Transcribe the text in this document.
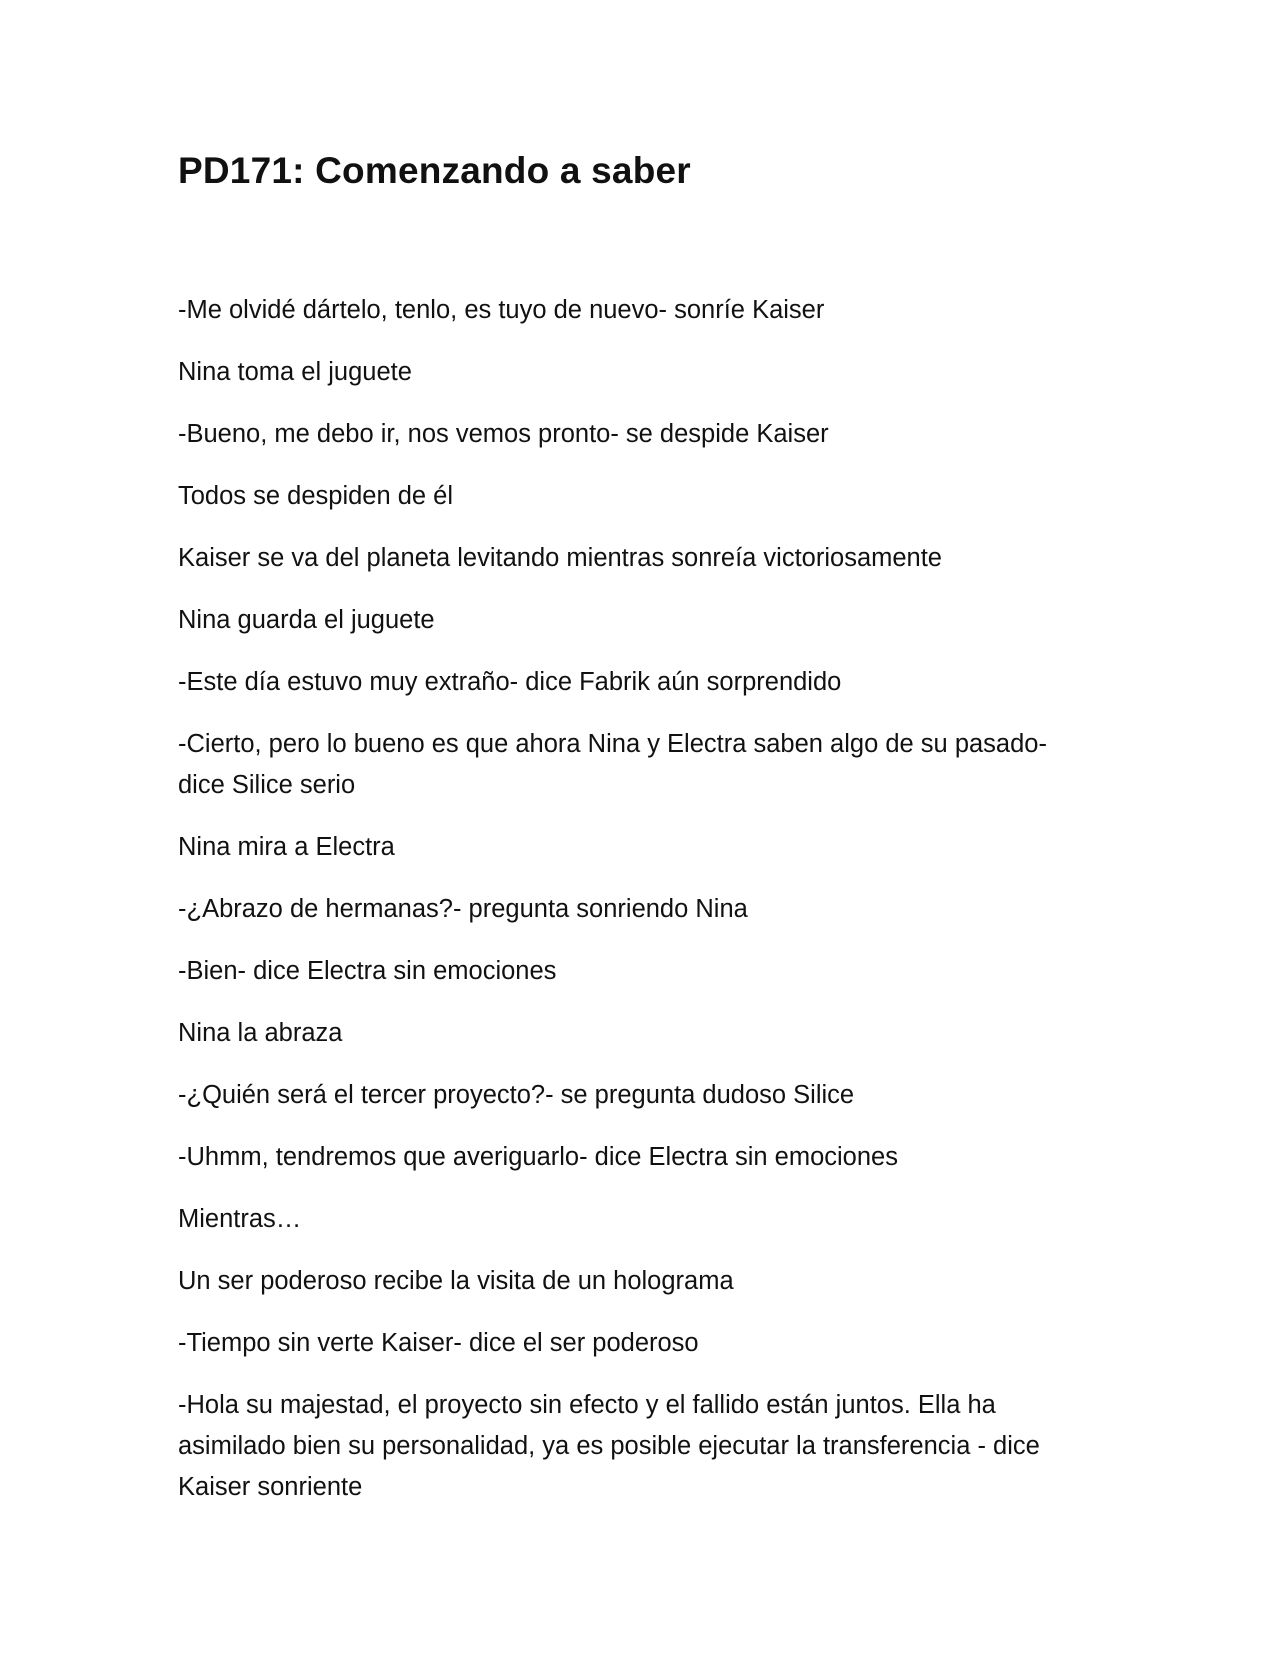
PD171: Comenzando a saber

-Me olvidé dártelo, tenlo, es tuyo de nuevo- sonríe Kaiser

Nina toma el juguete

-Bueno, me debo ir, nos vemos pronto- se despide Kaiser

Todos se despiden de él

Kaiser se va del planeta levitando mientras sonreía victoriosamente

Nina guarda el juguete

-Este día estuvo muy extraño- dice Fabrik aún sorprendido

-Cierto, pero lo bueno es que ahora Nina y Electra saben algo de su pasado- dice Silice serio

Nina mira a Electra

-¿Abrazo de hermanas?- pregunta sonriendo Nina

-Bien- dice Electra sin emociones

Nina la abraza

-¿Quién será el tercer proyecto?- se pregunta dudoso Silice

-Uhmm, tendremos que averiguarlo- dice Electra sin emociones

Mientras…

Un ser poderoso recibe la visita de un holograma

-Tiempo sin verte Kaiser- dice el ser poderoso

-Hola su majestad, el proyecto sin efecto y el fallido están juntos. Ella ha asimilado bien su personalidad, ya es posible ejecutar la transferencia - dice Kaiser sonriente
